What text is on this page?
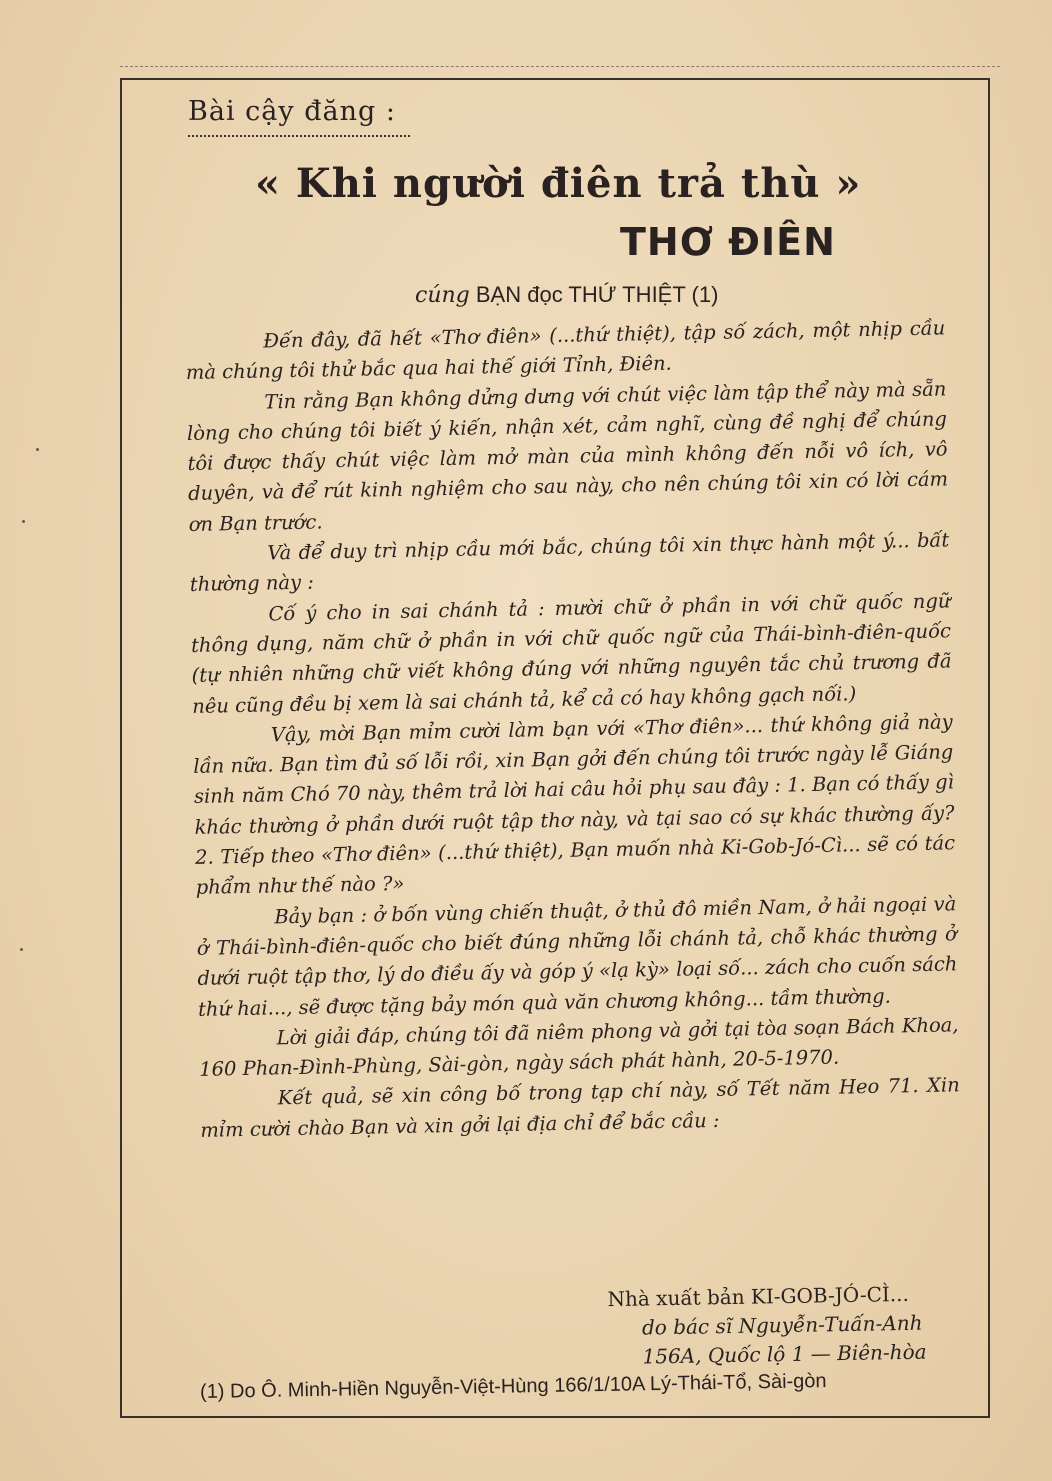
Bài cậy đăng :
« Khi người điên trả thù »
THƠ ĐIÊN
cúng BẠN đọc THỨ THIỆT (1)

Đến đây, đã hết «Thơ điên» (...thứ thiệt), tập số zách, một nhịp cầu mà chúng tôi thử bắc qua hai thế giới Tỉnh, Điên.

Tin rằng Bạn không dửng dưng với chút việc làm tập thể này mà sẵn lòng cho chúng tôi biết ý kiến, nhận xét, cảm nghĩ, cùng đề nghị để chúng tôi được thấy chút việc làm mở màn của mình không đến nỗi vô ích, vô duyên, và để rút kinh nghiệm cho sau này, cho nên chúng tôi xin có lời cám ơn Bạn trước.

Và để duy trì nhịp cầu mới bắc, chúng tôi xin thực hành một ý... bất thường này :

Cố ý cho in sai chánh tả : mười chữ ở phần in với chữ quốc ngữ thông dụng, năm chữ ở phần in với chữ quốc ngữ của Thái-bình-điên-quốc (tự nhiên những chữ viết không đúng với những nguyên tắc chủ trương đã nêu cũng đều bị xem là sai chánh tả, kể cả có hay không gạch nối.)

Vậy, mời Bạn mỉm cười làm bạn với «Thơ điên»... thứ không giả này lần nữa. Bạn tìm đủ số lỗi rồi, xin Bạn gởi đến chúng tôi trước ngày lễ Giáng sinh năm Chó 70 này, thêm trả lời hai câu hỏi phụ sau đây : 1. Bạn có thấy gì khác thường ở phần dưới ruột tập thơ này, và tại sao có sự khác thường ấy? 2. Tiếp theo «Thơ điên» (...thứ thiệt), Bạn muốn nhà Ki-Gob-Jó-Cì... sẽ có tác phẩm như thế nào ?»

Bảy bạn : ở bốn vùng chiến thuật, ở thủ đô miền Nam, ở hải ngoại và ở Thái-bình-điên-quốc cho biết đúng những lỗi chánh tả, chỗ khác thường ở dưới ruột tập thơ, lý do điều ấy và góp ý «lạ kỳ» loại số... zách cho cuốn sách thứ hai..., sẽ được tặng bảy món quà văn chương không... tầm thường.

Lời giải đáp, chúng tôi đã niêm phong và gởi tại tòa soạn Bách Khoa, 160 Phan-Đình-Phùng, Sài-gòn, ngày sách phát hành, 20-5-1970.

Kết quả, sẽ xin công bố trong tạp chí này, số Tết năm Heo 71. Xin mỉm cười chào Bạn và xin gởi lại địa chỉ để bắc cầu :

Nhà xuất bản KI-GOB-JÓ-CÌ...
do bác sĩ Nguyễn-Tuấn-Anh
156A, Quốc lộ 1 — Biên-hòa
(1) Do Ô. Minh-Hiền Nguyễn-Việt-Hùng 166/1/10A Lý-Thái-Tổ, Sài-gòn
